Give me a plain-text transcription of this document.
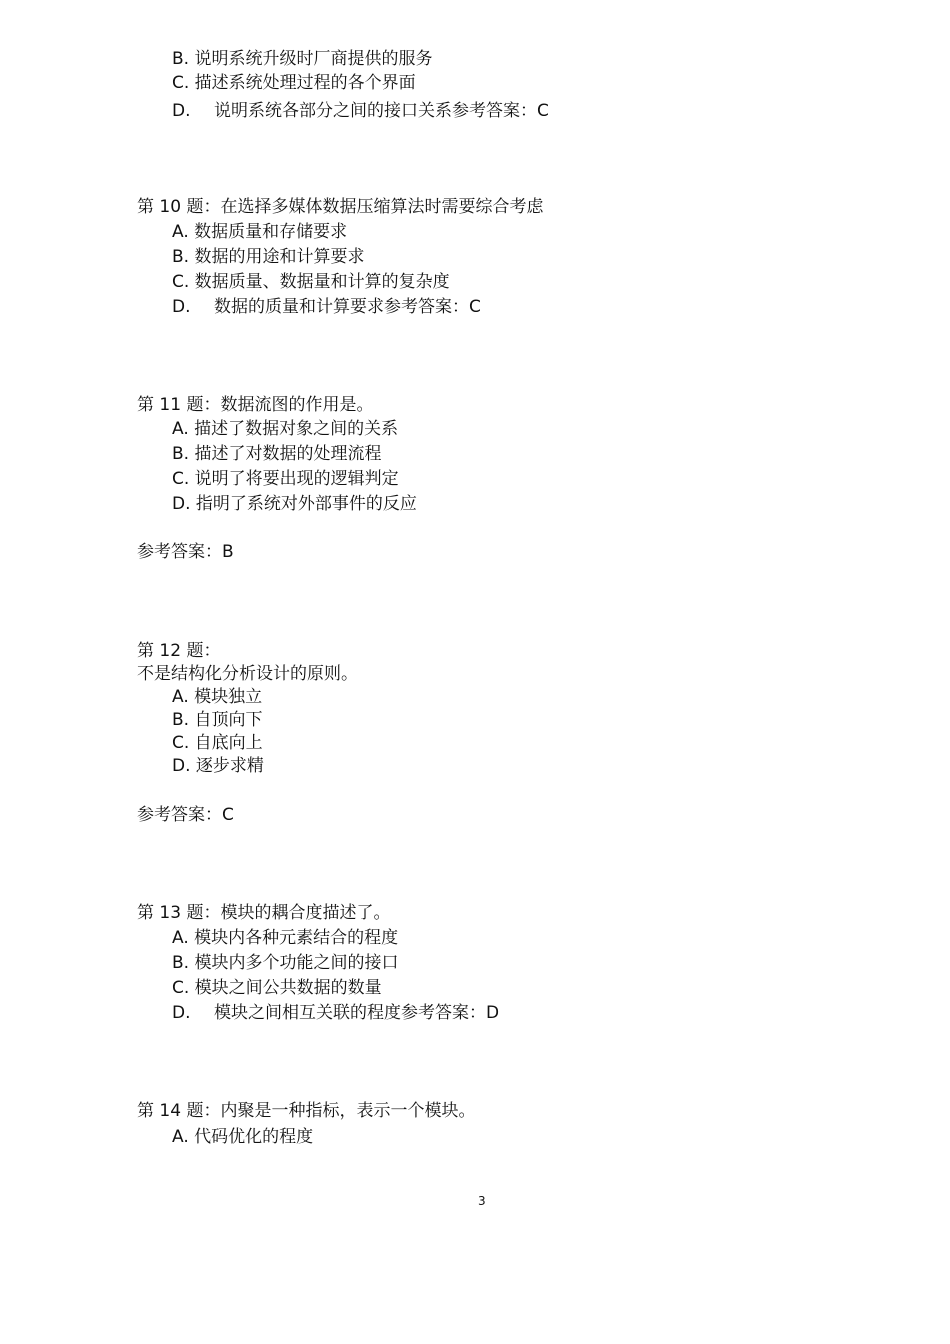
B. 说明系统升级时厂商提供的服务
C. 描述系统处理过程的各个界面
D. 说明系统各部分之间的接口关系参考答案：C
第 10 题：在选择多媒体数据压缩算法时需要综合考虑
A. 数据质量和存储要求
B. 数据的用途和计算要求
C. 数据质量、数据量和计算的复杂度
D. 数据的质量和计算要求参考答案：C
第 11 题：数据流图的作用是。
A. 描述了数据对象之间的关系
B. 描述了对数据的处理流程
C. 说明了将要出现的逻辑判定
D. 指明了系统对外部事件的反应
参考答案：B
第 12 题：
不是结构化分析设计的原则。
A. 模块独立
B. 自顶向下
C. 自底向上
D. 逐步求精
参考答案：C
第 13 题：模块的耦合度描述了。
A. 模块内各种元素结合的程度
B. 模块内多个功能之间的接口
C. 模块之间公共数据的数量
D. 模块之间相互关联的程度参考答案：D
第 14 题：内聚是一种指标，表示一个模块。
A. 代码优化的程度
3
